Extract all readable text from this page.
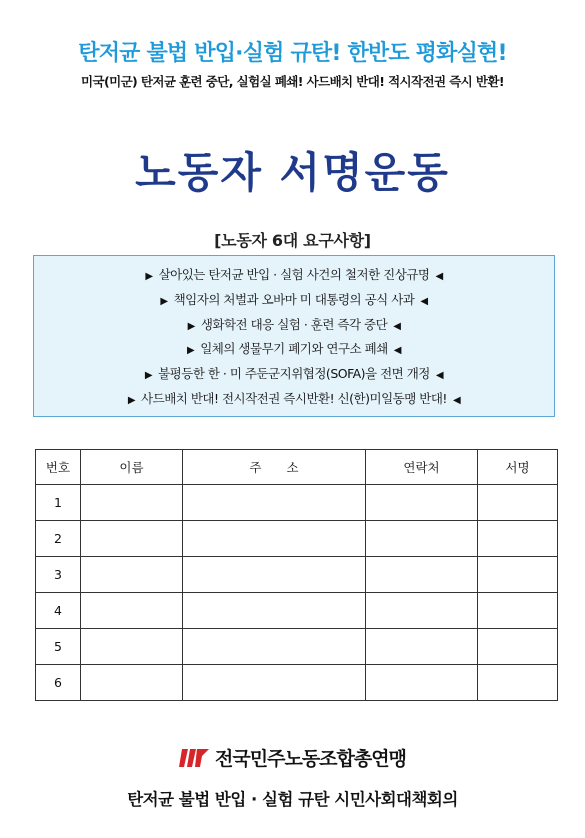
탄저균 불법 반입·실험 규탄! 한반도 평화실현!
미국(미군) 탄저균 훈련 중단, 실험실 폐쇄! 사드배치 반대! 적시작전권 즉시 반환!
노동자 서명운동
[노동자 6대 요구사항]
▶ 살아있는 탄저균 반입 · 실험 사건의 철저한 진상규명 ◀
▶ 책임자의 처벌과 오바마 미 대통령의 공식 사과 ◀
▶ 생화학전 대응 실험 · 훈련 즉각 중단 ◀
▶ 일체의 생물무기 폐기와 연구소 폐쇄 ◀
▶ 불평등한 한 · 미 주둔군지위협정(SOFA)을 전면 개정 ◀
▶ 사드배치 반대! 전시작전권 즉시반환! 신(한)미일동맹 반대! ◀
번호	이름	주　　소	연락처	서명
1				
2				
3				
4				
5				
6				
전국민주노동조합총연맹
탄저균 불법 반입 · 실험 규탄 시민사회대책회의
